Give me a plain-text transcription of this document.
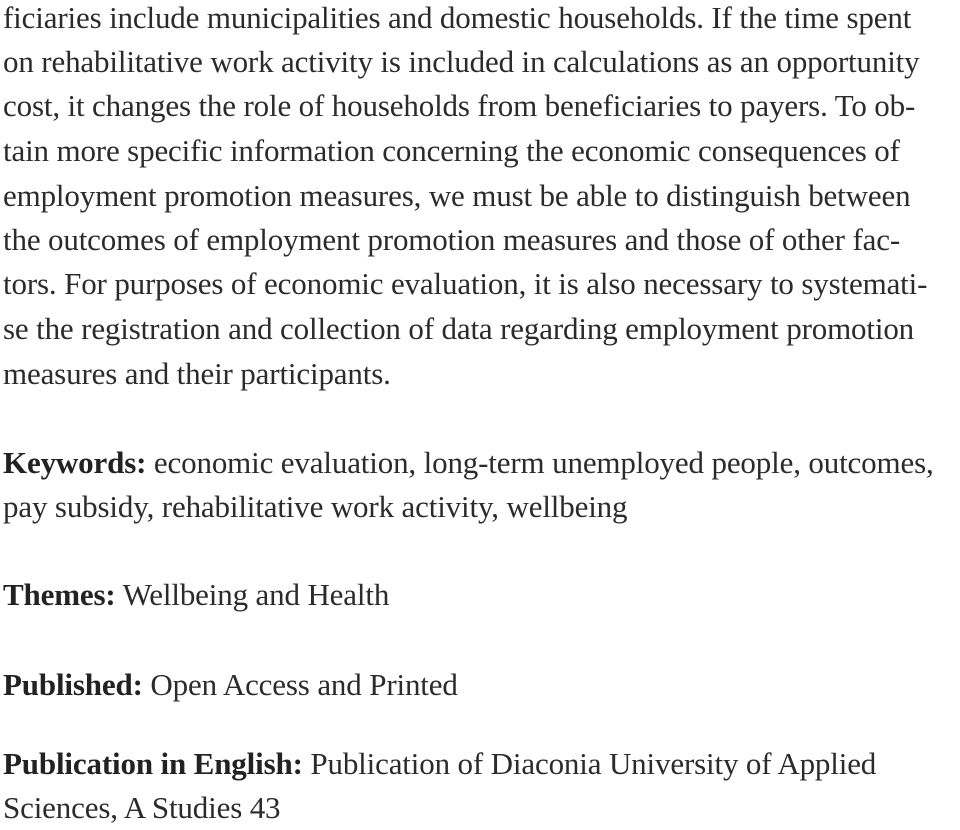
ficiaries include municipalities and domestic households. If the time spent

on rehabilitative work activity is included in calculations as an opportunity

cost, it changes the role of households from beneficiaries to payers. To ob-

tain more specific information concerning the economic consequences of

employment promotion measures, we must be able to distinguish between

the outcomes of employment promotion measures and those of other fac-

tors. For purposes of economic evaluation, it is also necessary to systemati-

se the registration and collection of data regarding employment promotion

measures and their participants.

Keywords: economic evaluation, long-term unemployed people, outcomes,

pay subsidy, rehabilitative work activity, wellbeing

Themes: Wellbeing and Health

Published: Open Access and Printed

Publication in English: Publication of Diaconia University of Applied

Sciences, A Studies 43
